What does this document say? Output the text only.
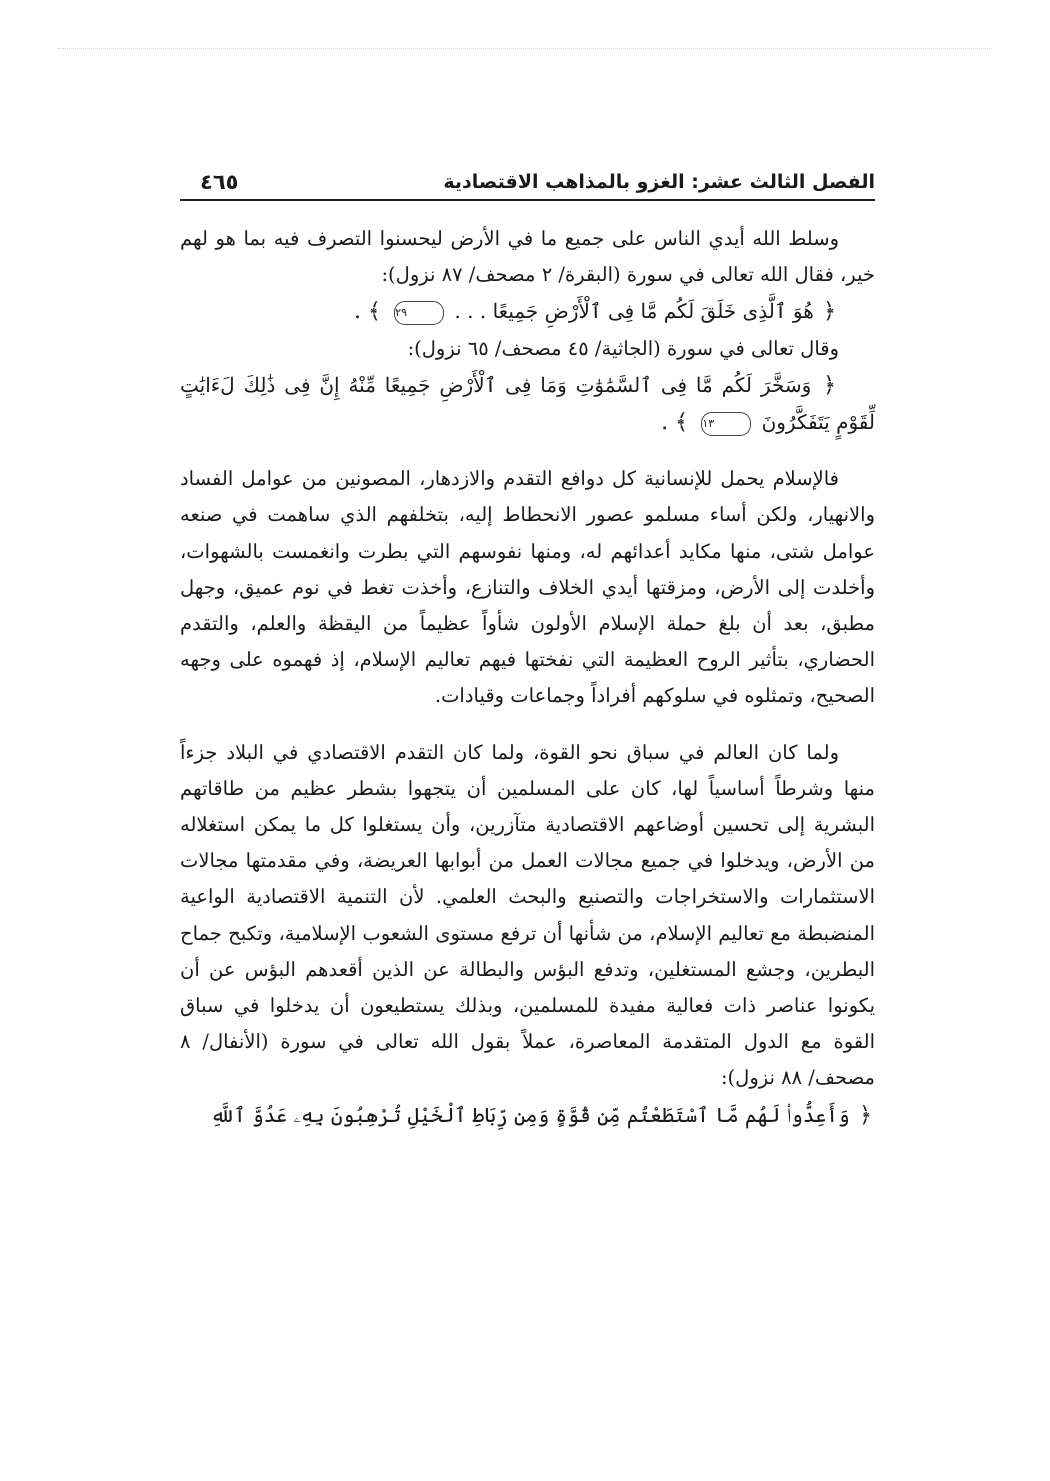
الفصل الثالث عشر: الغزو بالمذاهب الاقتصادية
٤٦٥

وسلط الله أيدي الناس على جميع ما في الأرض ليحسنوا التصرف فيه بما هو لهم خير، فقال الله تعالى في سورة (البقرة/ ٢ مصحف/ ٨٧ نزول):

﴿ هُوَ ٱلَّذِى خَلَقَ لَكُم مَّا فِى ٱلْأَرْضِ جَمِيعًا . . . ٢٩ ﴾ .

وقال تعالى في سورة (الجاثية/ ٤٥ مصحف/ ٦٥ نزول):

﴿ وَسَخَّرَ لَكُم مَّا فِى ٱلسَّمَٰوَٰتِ وَمَا فِى ٱلْأَرْضِ جَمِيعًا مِّنْهُ إِنَّ فِى ذَٰلِكَ لَءَايَٰتٍ لِّقَوْمٍ يَتَفَكَّرُونَ ١٣ ﴾ .

فالإسلام يحمل للإنسانية كل دوافع التقدم والازدهار، المصونين من عوامل الفساد والانهيار، ولكن أساء مسلمو عصور الانحطاط إليه، بتخلفهم الذي ساهمت في صنعه عوامل شتى، منها مكايد أعدائهم له، ومنها نفوسهم التي بطرت وانغمست بالشهوات، وأخلدت إلى الأرض، ومزقتها أيدي الخلاف والتنازع، وأخذت تغط في نوم عميق، وجهل مطبق، بعد أن بلغ حملة الإسلام الأولون شأواً عظيماً من اليقظة والعلم، والتقدم الحضاري، بتأثير الروح العظيمة التي نفختها فيهم تعاليم الإسلام، إذ فهموه على وجهه الصحيح، وتمثلوه في سلوكهم أفراداً وجماعات وقيادات.

ولما كان العالم في سباق نحو القوة، ولما كان التقدم الاقتصادي في البلاد جزءاً منها وشرطاً أساسياً لها، كان على المسلمين أن يتجهوا بشطر عظيم من طاقاتهم البشرية إلى تحسين أوضاعهم الاقتصادية متآزرين، وأن يستغلوا كل ما يمكن استغلاله من الأرض، ويدخلوا في جميع مجالات العمل من أبوابها العريضة، وفي مقدمتها مجالات الاستثمارات والاستخراجات والتصنيع والبحث العلمي. لأن التنمية الاقتصادية الواعية المنضبطة مع تعاليم الإسلام، من شأنها أن ترفع مستوى الشعوب الإسلامية، وتكبح جماح البطرين، وجشع المستغلين، وتدفع البؤس والبطالة عن الذين أقعدهم البؤس عن أن يكونوا عناصر ذات فعالية مفيدة للمسلمين، وبذلك يستطيعون أن يدخلوا في سباق القوة مع الدول المتقدمة المعاصرة، عملاً بقول الله تعالى في سورة (الأنفال/ ٨ مصحف/ ٨٨ نزول):

﴿ وَأَعِدُّوا۟ لَهُم مَّا ٱسْتَطَعْتُم مِّن قُوَّةٍ وَمِن رِّبَاطِ ٱلْخَيْلِ تُرْهِبُونَ بِهِۦ عَدُوَّ ٱللَّهِ
